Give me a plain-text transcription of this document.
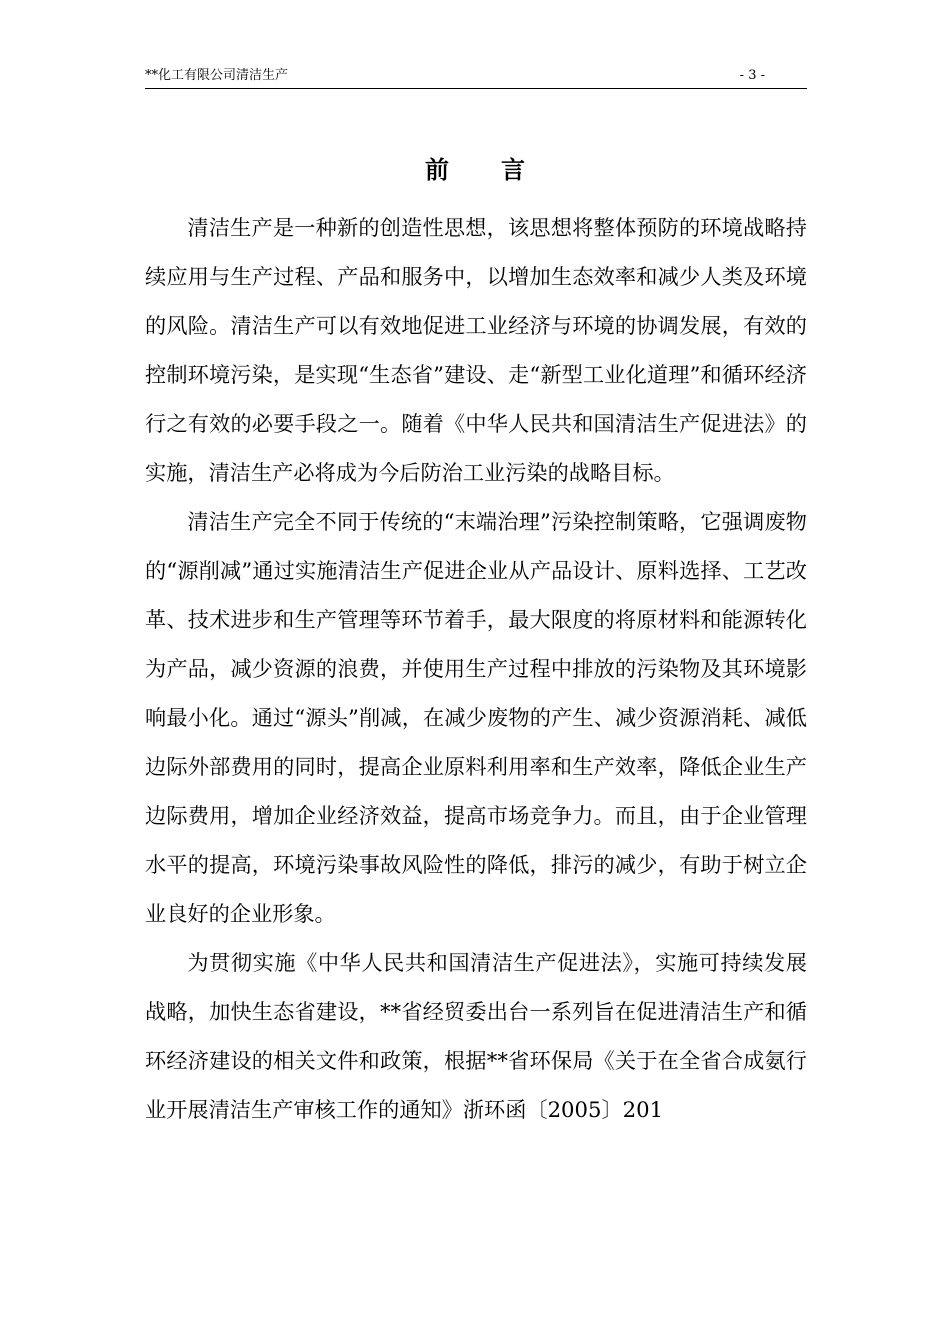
**化工有限公司清洁生产	- 3 -
前言

清洁生产是一种新的创造性思想，该思想将整体预防的环境战略持续应用与生产过程、产品和服务中，以增加生态效率和减少人类及环境的风险。清洁生产可以有效地促进工业经济与环境的协调发展，有效的控制环境污染，是实现“生态省”建设、走“新型工业化道理”和循环经济行之有效的必要手段之一。随着《中华人民共和国清洁生产促进法》的实施，清洁生产必将成为今后防治工业污染的战略目标。

清洁生产完全不同于传统的“末端治理”污染控制策略，它强调废物的“源削减”通过实施清洁生产促进企业从产品设计、原料选择、工艺改革、技术进步和生产管理等环节着手，最大限度的将原材料和能源转化为产品，减少资源的浪费，并使用生产过程中排放的污染物及其环境影响最小化。通过“源头”削减，在减少废物的产生、减少资源消耗、减低边际外部费用的同时，提高企业原料利用率和生产效率，降低企业生产边际费用，增加企业经济效益，提高市场竞争力。而且，由于企业管理水平的提高，环境污染事故风险性的降低，排污的减少，有助于树立企业良好的企业形象。

为贯彻实施《中华人民共和国清洁生产促进法》，实施可持续发展战略，加快生态省建设，**省经贸委出台一系列旨在促进清洁生产和循环经济建设的相关文件和政策，根据**省环保局《关于在全省合成氨行业开展清洁生产审核工作的通知》浙环函〔2005〕201
